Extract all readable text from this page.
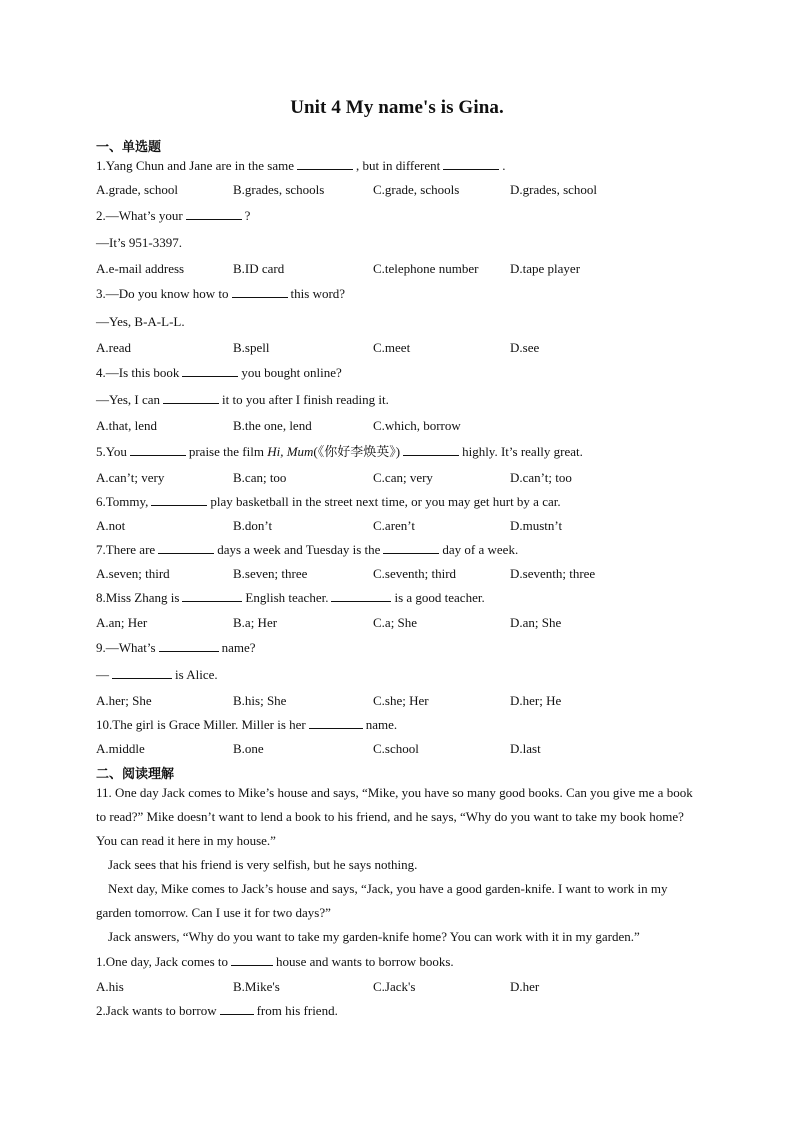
Unit 4 My name's is Gina.
一、单选题
1.Yang Chun and Jane are in the same	, but in different	.
A.grade, school	B.grades, schools	C.grade, schools	D.grades, school
2.—What’s your	?
—It’s 951-3397.
A.e-mail address	B.ID card	C.telephone number D.tape player
3.—Do you know how to	this word?
—Yes, B-A-L-L.
A.read	B.spell	C.meet	D.see
4.—Is this book	you bought online?
—Yes, I can	it to you after I finish reading it.
A.that, lend	B.the one, lend	C.which, borrow
5.You	praise the film Hi, Mum(《你好李焕英》)	highly. It’s really great.
A.can’t; very	B.can; too	C.can; very	D.can’t; too
6.Tommy,	play basketball in the street next time, or you may get hurt by a car.
A.not	B.don’t	C.aren’t	D.mustn’t
7.There are	days a week and Tuesday is the	day of a week.
A.seven; third	B.seven; three	C.seventh; third	D.seventh; three
8.Miss Zhang is	English teacher.	is a good teacher.
A.an; Her	B.a; Her	C.a; She	D.an; She
9.—What’s	name?
—	is Alice.
A.her; She	B.his; She	C.she; Her	D.her; He
10.The girl is Grace Miller. Miller is her	name.
A.middle	B.one	C.school	D.last
二、阅读理解
11. One day Jack comes to Mike’s house and says, “Mike, you have so many good books. Can you give me a book to read?” Mike doesn’t want to lend a book to his friend, and he says, “Why do you want to take my book home? You can read it here in my house.”
Jack sees that his friend is very selfish, but he says nothing.
Next day, Mike comes to Jack’s house and says, “Jack, you have a good garden-knife. I want to work in my garden tomorrow. Can I use it for two days?”
Jack answers, “Why do you want to take my garden-knife home? You can work with it in my garden.”
1.One day, Jack comes to	house and wants to borrow books.
A.his	B.Mike's	C.Jack's	D.her
2.Jack wants to borrow	from his friend.
